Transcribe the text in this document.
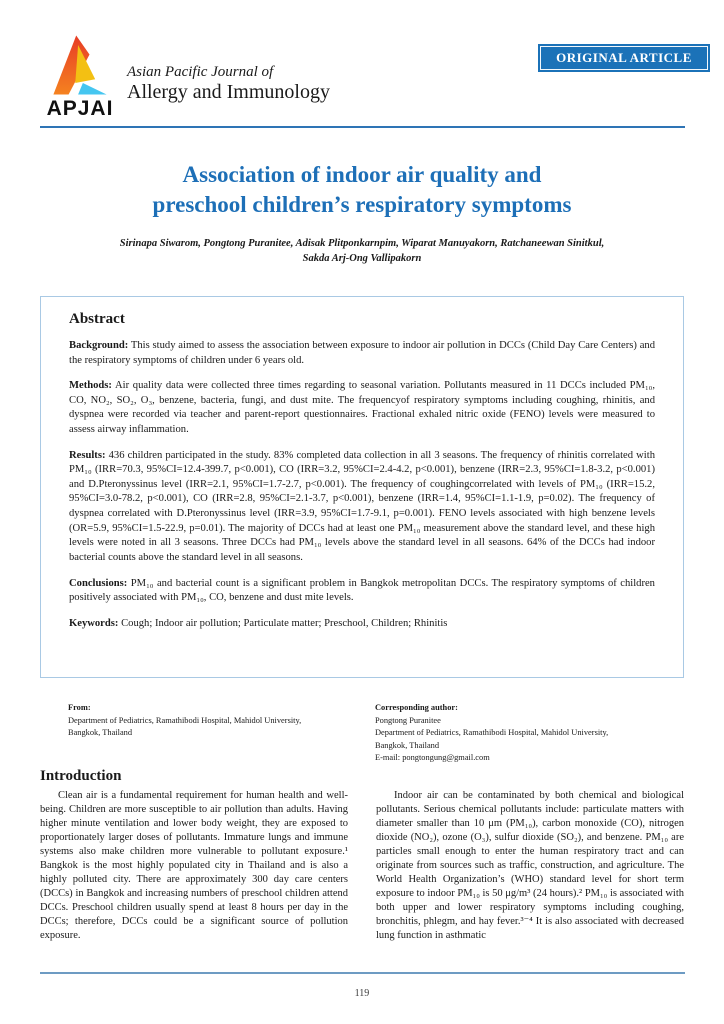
APJAI
Asian Pacific Journal of
Allergy and Immunology
ORIGINAL ARTICLE
Association of indoor air quality and
preschool children’s respiratory symptoms
Sirinapa Siwarom, Pongtong Puranitee, Adisak Plitponkarnpim, Wiparat Manuyakorn, Ratchaneewan Sinitkul,
Sakda Arj-Ong Vallipakorn
Abstract

Background: This study aimed to assess the association between exposure to indoor air pollution in DCCs (Child Day Care Centers) and the respiratory symptoms of children under 6 years old.

Methods: Air quality data were collected three times regarding to seasonal variation. Pollutants measured in 11 DCCs included PM₁₀, CO, NO₂, SO₂, O₃, benzene, bacteria, fungi, and dust mite. The frequencyof respiratory symptoms including coughing, rhinitis, and dyspnea were recorded via teacher and parent-report questionnaires. Fractional exhaled nitric oxide (FENO) levels were measured to assess airway inflammation.

Results: 436 children participated in the study. 83% completed data collection in all 3 seasons. The frequency of rhinitis correlated with PM₁₀ (IRR=70.3, 95%CI=12.4-399.7, p<0.001), CO (IRR=3.2, 95%CI=2.4-4.2, p<0.001), benzene (IRR=2.3, 95%CI=1.8-3.2, p<0.001) and D.Pteronyssinus level (IRR=2.1, 95%CI=1.7-2.7, p<0.001). The frequency of coughingcorrelated with levels of PM₁₀ (IRR=15.2, 95%CI=3.0-78.2, p<0.001), CO (IRR=2.8, 95%CI=2.1-3.7, p<0.001), benzene (IRR=1.4, 95%CI=1.1-1.9, p=0.02). The frequency of dyspnea correlated with D.Pteronyssinus level (IRR=3.9, 95%CI=1.7-9.1, p=0.001). FENO levels associated with high benzene levels (OR=5.9, 95%CI=1.5-22.9, p=0.01). The majority of DCCs had at least one PM₁₀ measurement above the standard level, and these high levels were noted in all 3 seasons. Three DCCs had PM₁₀ levels above the standard level in all seasons. 64% of the DCCs had indoor bacterial counts above the standard level in all seasons.

Conclusions: PM₁₀ and bacterial count is a significant problem in Bangkok metropolitan DCCs. The respiratory symptoms of children positively associated with PM₁₀, CO, benzene and dust mite levels.

Keywords: Cough; Indoor air pollution; Particulate matter; Preschool, Children; Rhinitis

From:
Department of Pediatrics, Ramathibodi Hospital, Mahidol University,
Bangkok, Thailand
Corresponding author:
Pongtong Puranitee
Department of Pediatrics, Ramathibodi Hospital, Mahidol University,
Bangkok, Thailand
E-mail: pongtongung@gmail.com
Introduction

Clean air is a fundamental requirement for human health and well-being. Children are more susceptible to air pollution than adults. Having higher minute ventilation and lower body weight, they are exposed to proportionately larger doses of pollutants. Immature lungs and immune systems also make children more vulnerable to pollutant exposure.¹ Bangkok is the most highly populated city in Thailand and is also a highly polluted city. There are approximately 300 day care centers (DCCs) in Bangkok and increasing numbers of preschool children attend DCCs. Preschool children usually spend at least 8 hours per day in the DCCs; therefore, DCCs could be a significant source of pollution exposure.

Indoor air can be contaminated by both chemical and biological pollutants. Serious chemical pollutants include: particulate matters with diameter smaller than 10 μm (PM₁₀), carbon monoxide (CO), nitrogen dioxide (NO₂), ozone (O₃), sulfur dioxide (SO₂), and benzene. PM₁₀ are particles small enough to enter the human respiratory tract and can originate from sources such as traffic, construction, and agriculture. The World Health Organization’s (WHO) standard level for short term exposure to indoor PM₁₀ is 50 μg/m³ (24 hours).² PM₁₀ is associated with both upper and lower respiratory symptoms including coughing, bronchitis, phlegm, and hay fever.³⁻⁴ It is also associated with decreased lung function in asthmatic

119
